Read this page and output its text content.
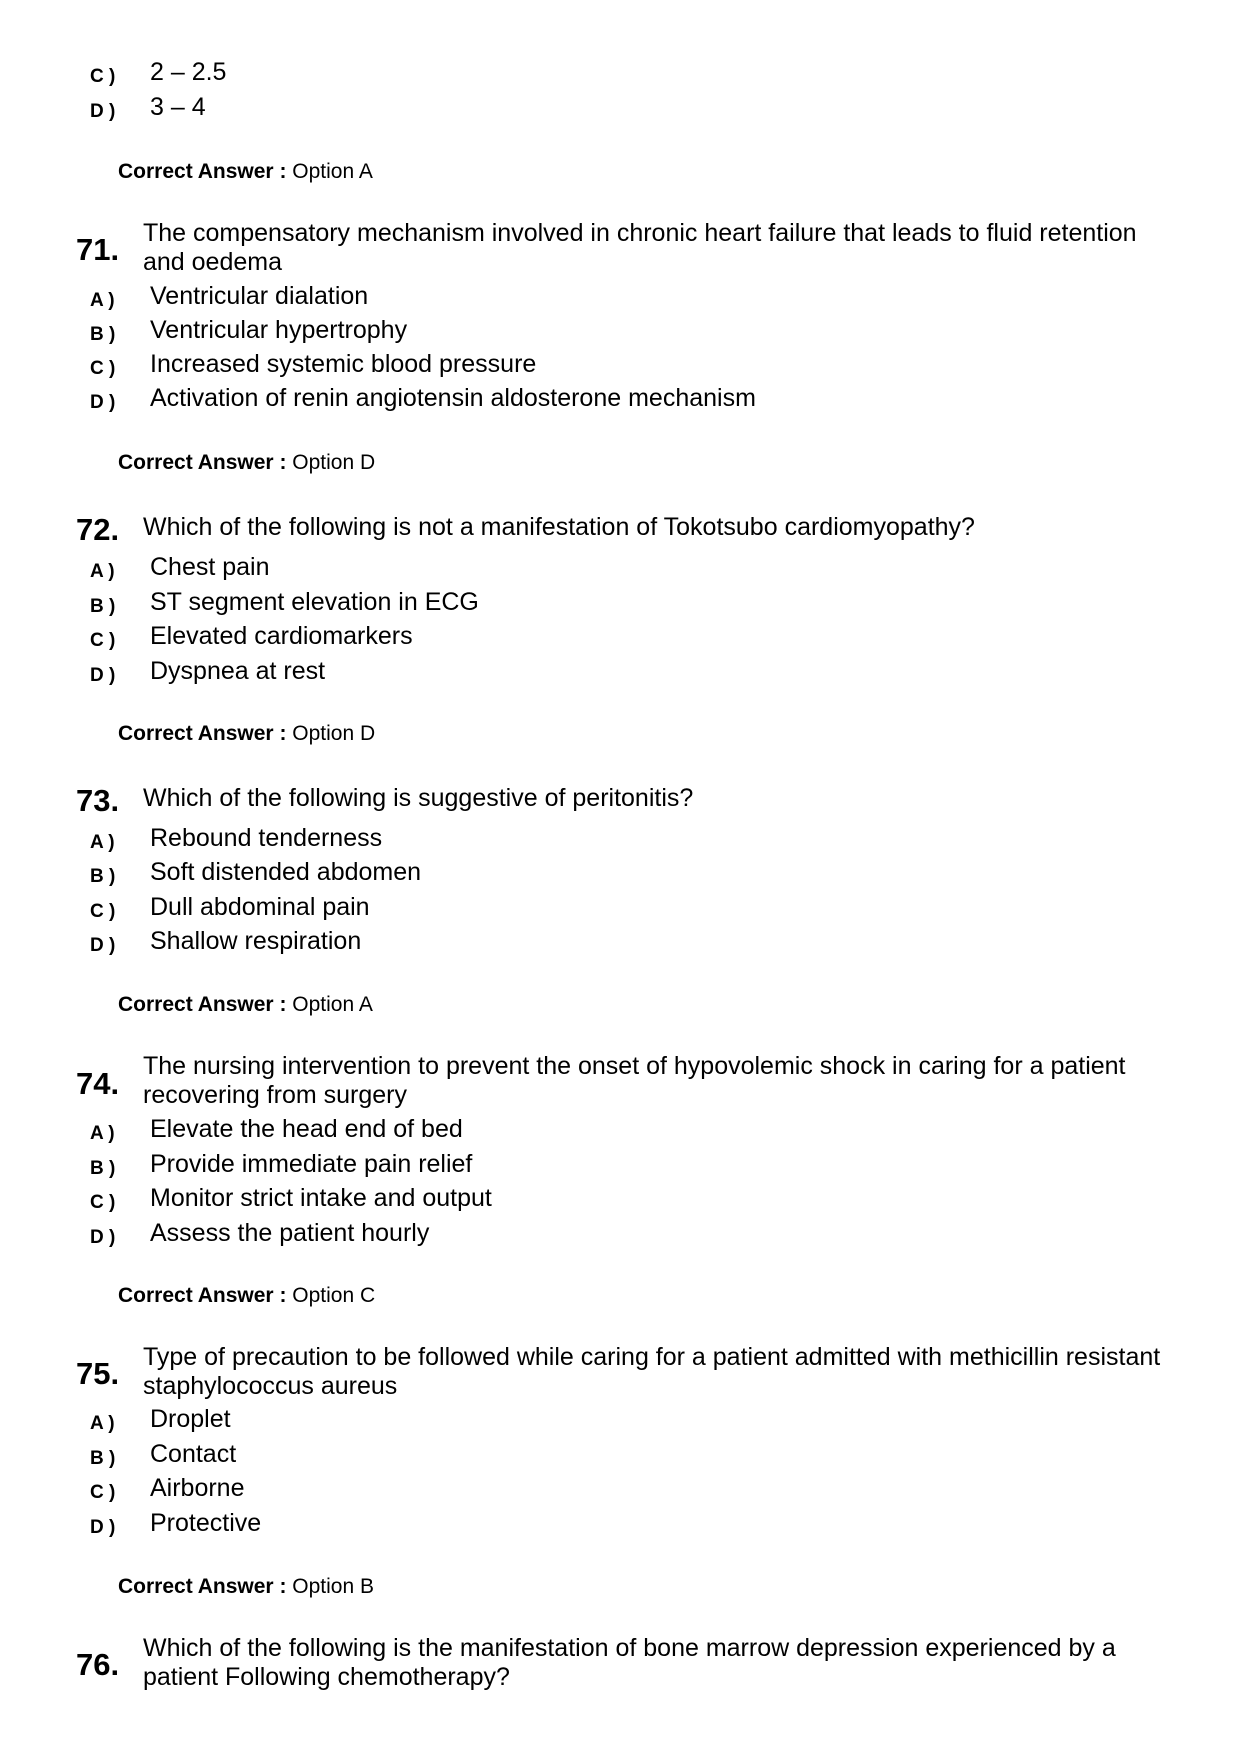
C ) 2 – 2.5
D ) 3 – 4
Correct Answer : Option A
71. The compensatory mechanism involved in chronic heart failure that leads to fluid retention and oedema
A ) Ventricular dialation
B ) Ventricular hypertrophy
C ) Increased systemic blood pressure
D ) Activation of renin angiotensin aldosterone mechanism
Correct Answer : Option D
72. Which of the following is not a manifestation of Tokotsubo cardiomyopathy?
A ) Chest pain
B ) ST segment elevation in ECG
C ) Elevated cardiomarkers
D ) Dyspnea at rest
Correct Answer : Option D
73. Which of the following is suggestive of peritonitis?
A ) Rebound tenderness
B ) Soft distended abdomen
C ) Dull abdominal pain
D ) Shallow respiration
Correct Answer : Option A
74. The nursing intervention to prevent the onset of hypovolemic shock in caring for a patient recovering from surgery
A ) Elevate the head end of bed
B ) Provide immediate pain relief
C ) Monitor strict intake and output
D ) Assess the patient hourly
Correct Answer : Option C
75. Type of precaution to be followed while caring for a patient admitted with methicillin resistant staphylococcus aureus
A ) Droplet
B ) Contact
C ) Airborne
D ) Protective
Correct Answer : Option B
76. Which of the following is the manifestation of bone marrow depression experienced by a patient Following chemotherapy?
